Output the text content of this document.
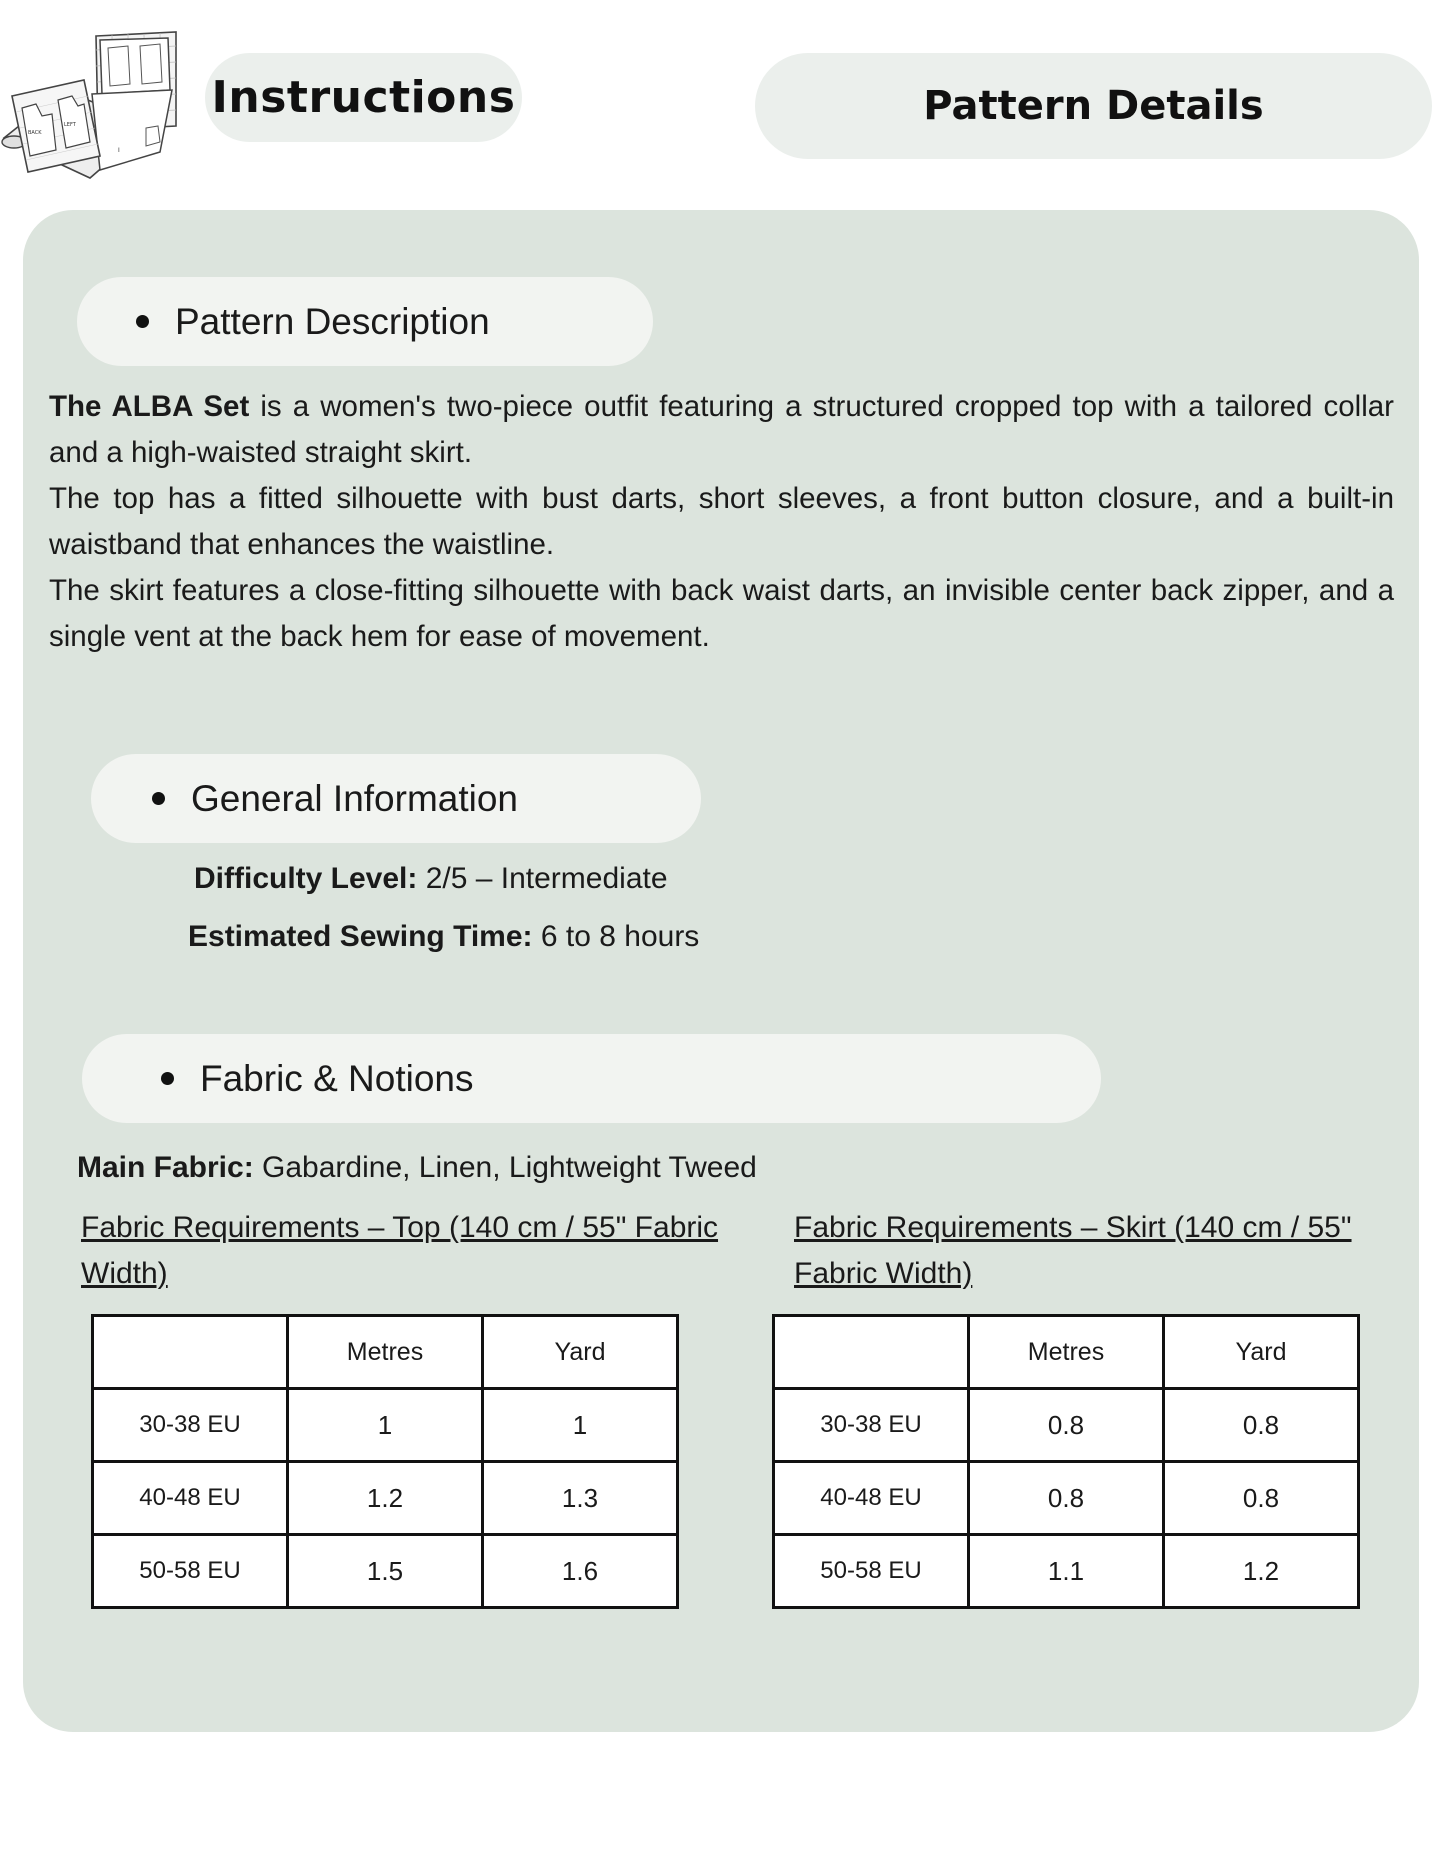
I
BACK
LEFT
Instructions	Pattern Details
Pattern Description

The ALBA Set is a women's two-piece outfit featuring a structured cropped top with a tailored collar and a high-waisted straight skirt.

The top has a fitted silhouette with bust darts, short sleeves, a front button closure, and a built-in waistband that enhances the waistline.

The skirt features a close-fitting silhouette with back waist darts, an invisible center back zipper, and a single vent at the back hem for ease of movement.

General Information
Difficulty Level: 2/5 – Intermediate
Estimated Sewing Time: 6 to 8 hours
Fabric & Notions
Main Fabric: Gabardine, Linen, Lightweight Tweed
Fabric Requirements – Top (140 cm / 55" Fabric Width)
Fabric Requirements – Skirt (140 cm / 55" Fabric Width)
	Metres	Yard
30-38 EU	1	1
40-48 EU	1.2	1.3
50-58 EU	1.5	1.6
	Metres	Yard
30-38 EU	0.8	0.8
40-48 EU	0.8	0.8
50-58 EU	1.1	1.2
